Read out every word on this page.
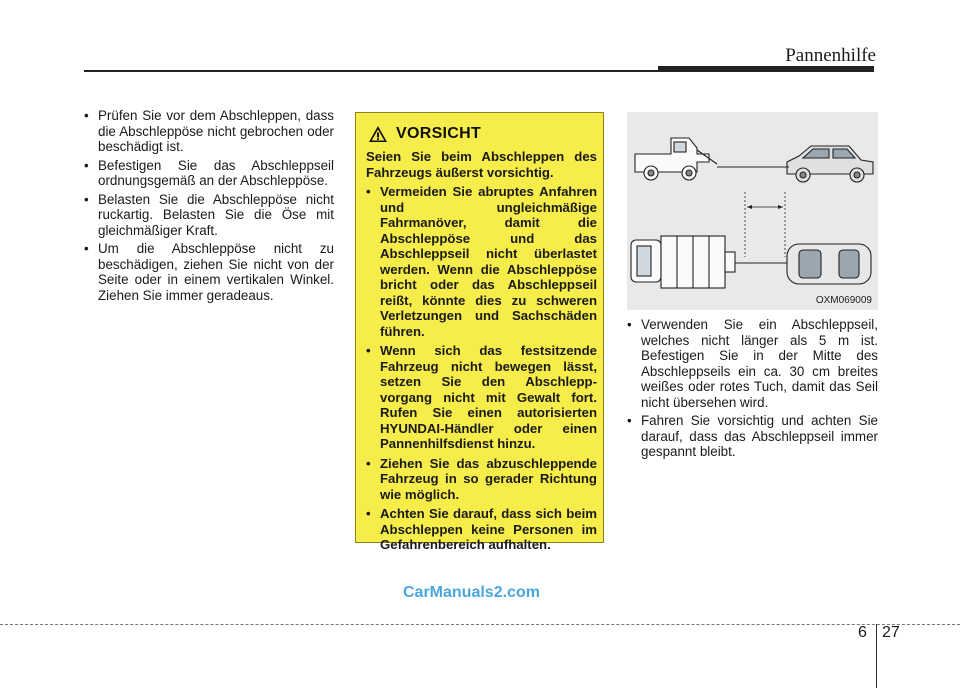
Pannenhilfe
• Prüfen Sie vor dem Abschleppen, dass die Abschleppöse nicht gebrochen oder beschädigt ist.
• Befestigen Sie das Abschleppseil ordnungsgemäß an der Abschleppöse.
• Belasten Sie die Abschleppöse nicht ruckartig. Belasten Sie die Öse mit gleichmäßiger Kraft.
• Um die Abschleppöse nicht zu beschädigen, ziehen Sie nicht von der Seite oder in einem vertikalen Winkel. Ziehen Sie immer geradeaus.
VORSICHT
Seien Sie beim Abschleppen des Fahrzeugs äußerst vorsichtig.
• Vermeiden Sie abruptes Anfahren und ungleichmäßige Fahrmanöver, damit die Abschleppöse und das Abschleppseil nicht überlastet werden. Wenn die Abschleppöse bricht oder das Abschleppseil reißt, könnte dies zu schweren Verletzungen und Sachschäden führen.
• Wenn sich das festsitzende Fahrzeug nicht bewegen lässt, setzen Sie den Abschlepp-vorgang nicht mit Gewalt fort. Rufen Sie einen autorisierten HYUNDAI-Händler oder einen Pannenhilfsdienst hinzu.
• Ziehen Sie das abzuschleppende Fahrzeug in so gerader Richtung wie möglich.
• Achten Sie darauf, dass sich beim Abschleppen keine Personen im Gefahrenbereich aufhalten.
OXM069009
• Verwenden Sie ein Abschleppseil, welches nicht länger als 5 m ist. Befestigen Sie in der Mitte des Abschleppseils ein ca. 30 cm breites weißes oder rotes Tuch, damit das Seil nicht übersehen wird.
• Fahren Sie vorsichtig und achten Sie darauf, dass das Abschleppseil immer gespannt bleibt.
CarManuals2.com
6 27
